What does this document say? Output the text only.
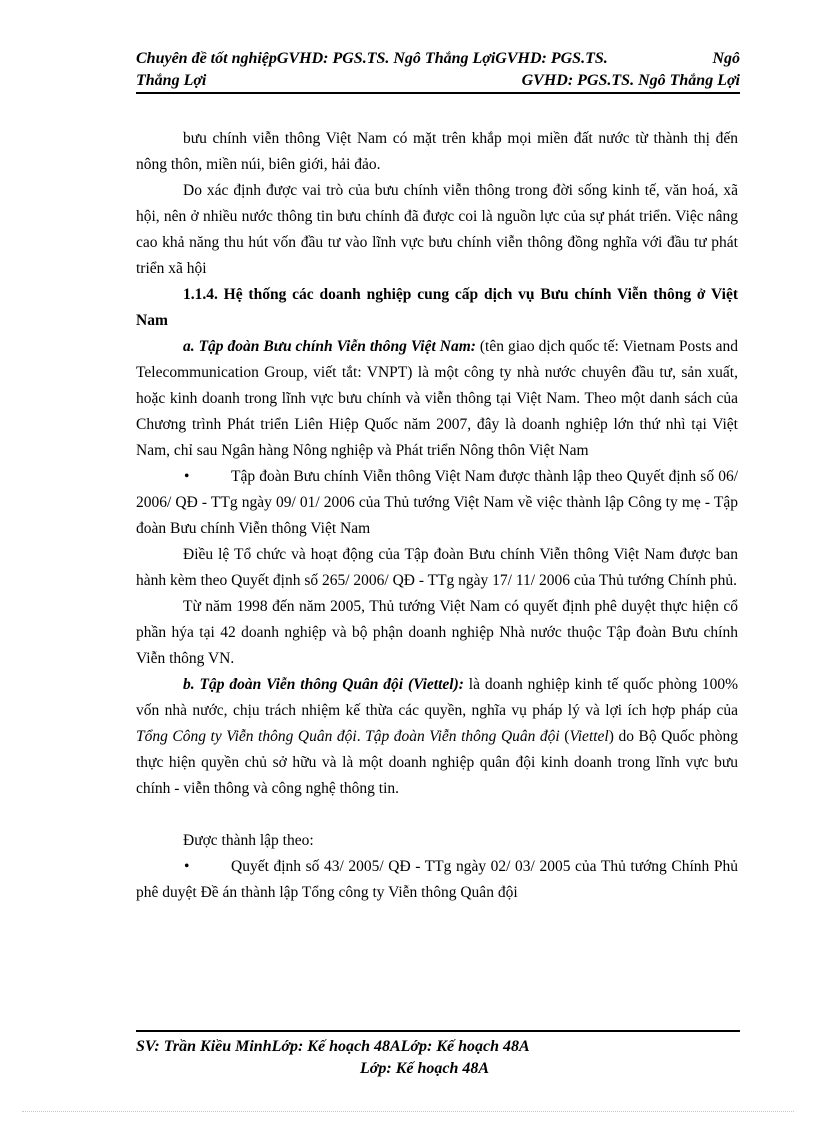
Chuyên đề tốt nghiệpGVHD: PGS.TS. Ngô Thắng LợiGVHD: PGS.TS.	Ngô
Thắng Lợi	GVHD: PGS.TS. Ngô Thắng Lợi

bưu chính viễn thông Việt Nam có mặt trên khắp mọi miền đất nước từ thành thị đến nông thôn, miền núi, biên giới, hải đảo.

Do xác định được vai trò của bưu chính viễn thông trong đời sống kinh tế, văn hoá, xã hội, nên ở nhiều nước thông tin bưu chính đã được coi là nguồn lực của sự phát triển. Việc nâng cao khả năng thu hút vốn đầu tư vào lĩnh vực bưu chính viễn thông đồng nghĩa với đầu tư phát triển xã hội

1.1.4. Hệ thống các doanh nghiệp cung cấp dịch vụ Bưu chính Viễn thông ở Việt Nam

a. Tập đoàn Bưu chính Viễn thông Việt Nam: (tên giao dịch quốc tế: Vietnam Posts and Telecommunication Group, viết tắt: VNPT) là một công ty nhà nước chuyên đầu tư, sản xuất, hoặc kinh doanh trong lĩnh vực bưu chính và viễn thông tại Việt Nam. Theo một danh sách của Chương trình Phát triển Liên Hiệp Quốc năm 2007, đây là doanh nghiệp lớn thứ nhì tại Việt Nam, chỉ sau Ngân hàng Nông nghiệp và Phát triển Nông thôn Việt Nam

•	Tập đoàn Bưu chính Viễn thông Việt Nam được thành lập theo Quyết định số 06/ 2006/ QĐ - TTg ngày 09/ 01/ 2006 của Thủ tướng Việt Nam về việc thành lập Công ty mẹ - Tập đoàn Bưu chính Viễn thông Việt Nam

Điều lệ Tổ chức và hoạt động của Tập đoàn Bưu chính Viễn thông Việt Nam được ban hành kèm theo Quyết định số 265/ 2006/ QĐ - TTg ngày 17/ 11/ 2006 của Thủ tướng Chính phủ.

Từ năm 1998 đến năm 2005, Thủ tướng Việt Nam có quyết định phê duyệt thực hiện cổ phần hýa tại 42 doanh nghiệp và bộ phận doanh nghiệp Nhà nước thuộc Tập đoàn Bưu chính Viễn thông VN.

b. Tập đoàn Viễn thông Quân đội (Viettel): là doanh nghiệp kinh tế quốc phòng 100% vốn nhà nước, chịu trách nhiệm kế thừa các quyền, nghĩa vụ pháp lý và lợi ích hợp pháp của Tổng Công ty Viễn thông Quân đội. Tập đoàn Viễn thông Quân đội (Viettel) do Bộ Quốc phòng thực hiện quyền chủ sở hữu và là một doanh nghiệp quân đội kinh doanh trong lĩnh vực bưu chính - viễn thông và công nghệ thông tin.

Được thành lập theo:

•	Quyết định số 43/ 2005/ QĐ - TTg ngày 02/ 03/ 2005 của Thủ tướng Chính Phủ phê duyệt Đề án thành lập Tổng công ty Viễn thông Quân đội

SV: Trần Kiều MinhLớp: Kế hoạch 48ALớp: Kế hoạch 48A
Lớp: Kế hoạch 48A
